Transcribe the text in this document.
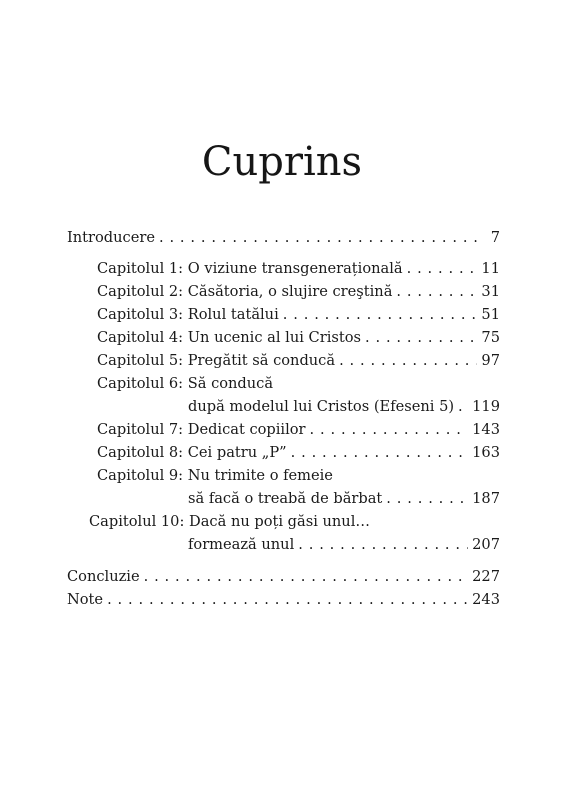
Cuprins
Introducere . . .	7
Capitolul 1: O viziune transgenerațională . . .	11
Capitolul 2: Căsătoria, o slujire creştină . . .	31
Capitolul 3: Rolul tatălui . . .	51
Capitolul 4: Un ucenic al lui Cristos . . .	75
Capitolul 5: Pregătit să conducă . . .	97
Capitolul 6: Să conducă
după modelul lui Cristos (Efeseni 5) . . . 119
Capitolul 7: Dedicat copiilor . . .	143
Capitolul 8: Cei patru „P” . . .	163
Capitolul 9: Nu trimite o femeie
să facă o treabă de bărbat . . .	187
Capitolul 10: Dacă nu poți găsi unul…
formează unul . . .	207
Concluzie . . .	227
Note . . .	243
